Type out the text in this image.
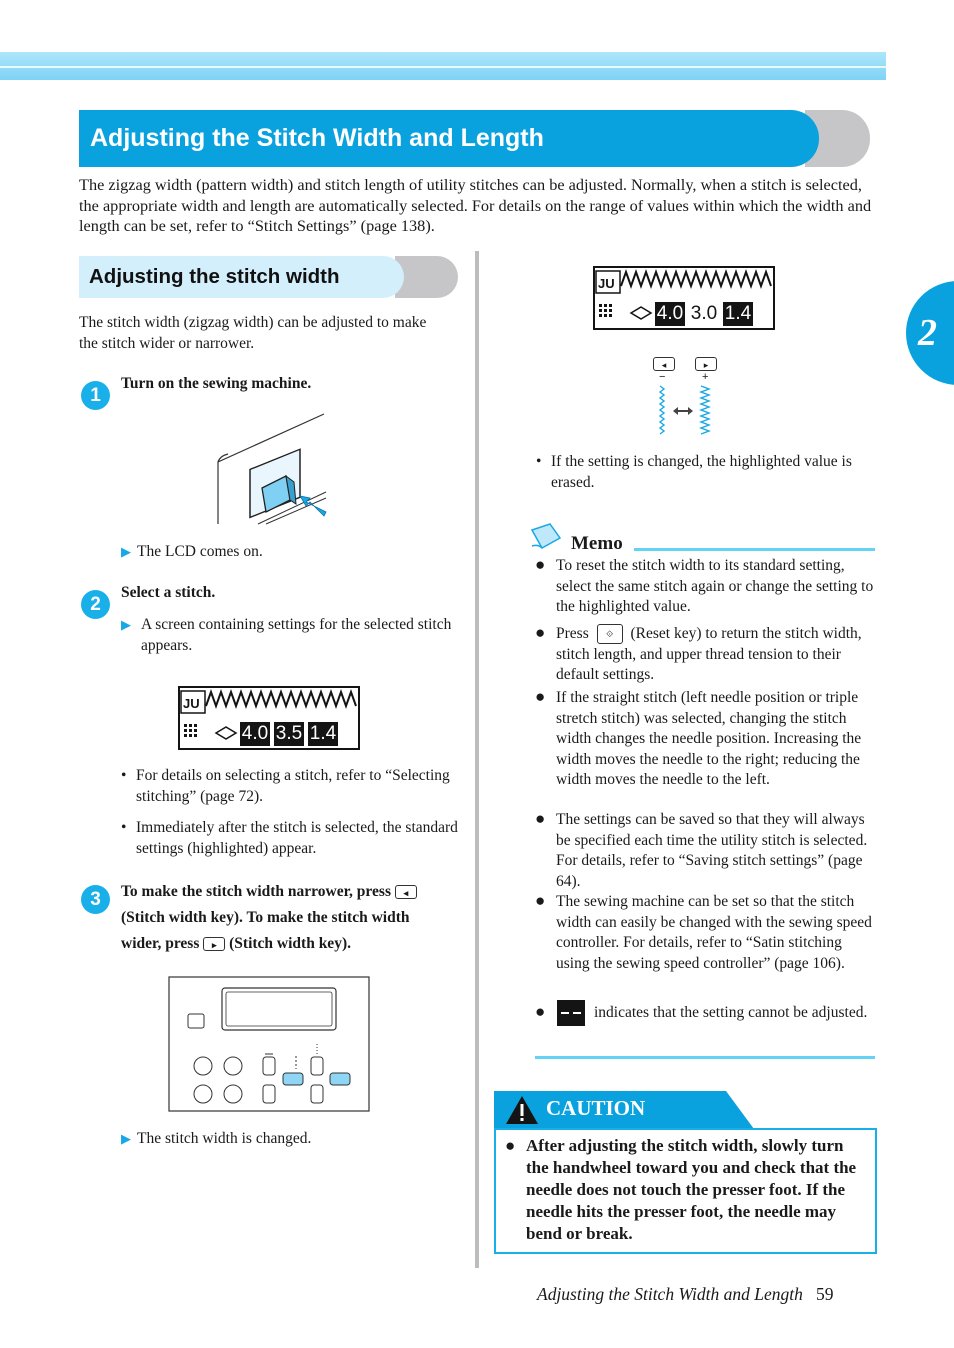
2
Adjusting the Stitch Width and Length

The zigzag width (pattern width) and stitch length of utility stitches can be adjusted. Normally, when a stitch is selected, the appropriate width and length are automatically selected. For details on the range of values within which the width and length can be set, refer to “Stitch Settings” (page 138).

Adjusting the stitch width

The stitch width (zigzag width) can be adjusted to make the stitch wider or narrower.

1

Turn on the sewing machine.

▶ The LCD comes on.

2

Select a stitch.

▶ A screen containing settings for the selected stitch appears.

JU
4.0 3.5 1.4
• For details on selecting a stitch, refer to “Selecting stitching” (page 72).

• Immediately after the stitch is selected, the standard settings (highlighted) appear.

3	To make the stitch width narrower, press ◂
(Stitch width key). To make the stitch width
wider, press ▸ (Stitch width key).

▶ The stitch width is changed.

JU
4.0 3.0 1.4
◂	▸
−	+
• If the setting is changed, the highlighted value is erased.

Memo

● To reset the stitch width to its standard setting, select the same stitch again or change the setting to the highlighted value.

● Press ⟐ (Reset key) to return the stitch width, stitch length, and upper thread tension to their default settings.

● If the straight stitch (left needle position or triple stretch stitch) was selected, changing the stitch width changes the needle position. Increasing the width moves the needle to the right; reducing the width moves the needle to the left.

● The settings can be saved so that they will always be specified each time the utility stitch is selected. For details, refer to “Saving stitch settings” (page 64).

● The sewing machine can be set so that the stitch width can easily be changed with the sewing speed controller. For details, refer to “Satin stitching using the sewing speed controller” (page 106).

●	indicates that the setting cannot be adjusted.

CAUTION

● After adjusting the stitch width, slowly turn the handwheel toward you and check that the needle does not touch the presser foot. If the needle hits the presser foot, the needle may bend or break.

Adjusting the Stitch Width and Length 59
